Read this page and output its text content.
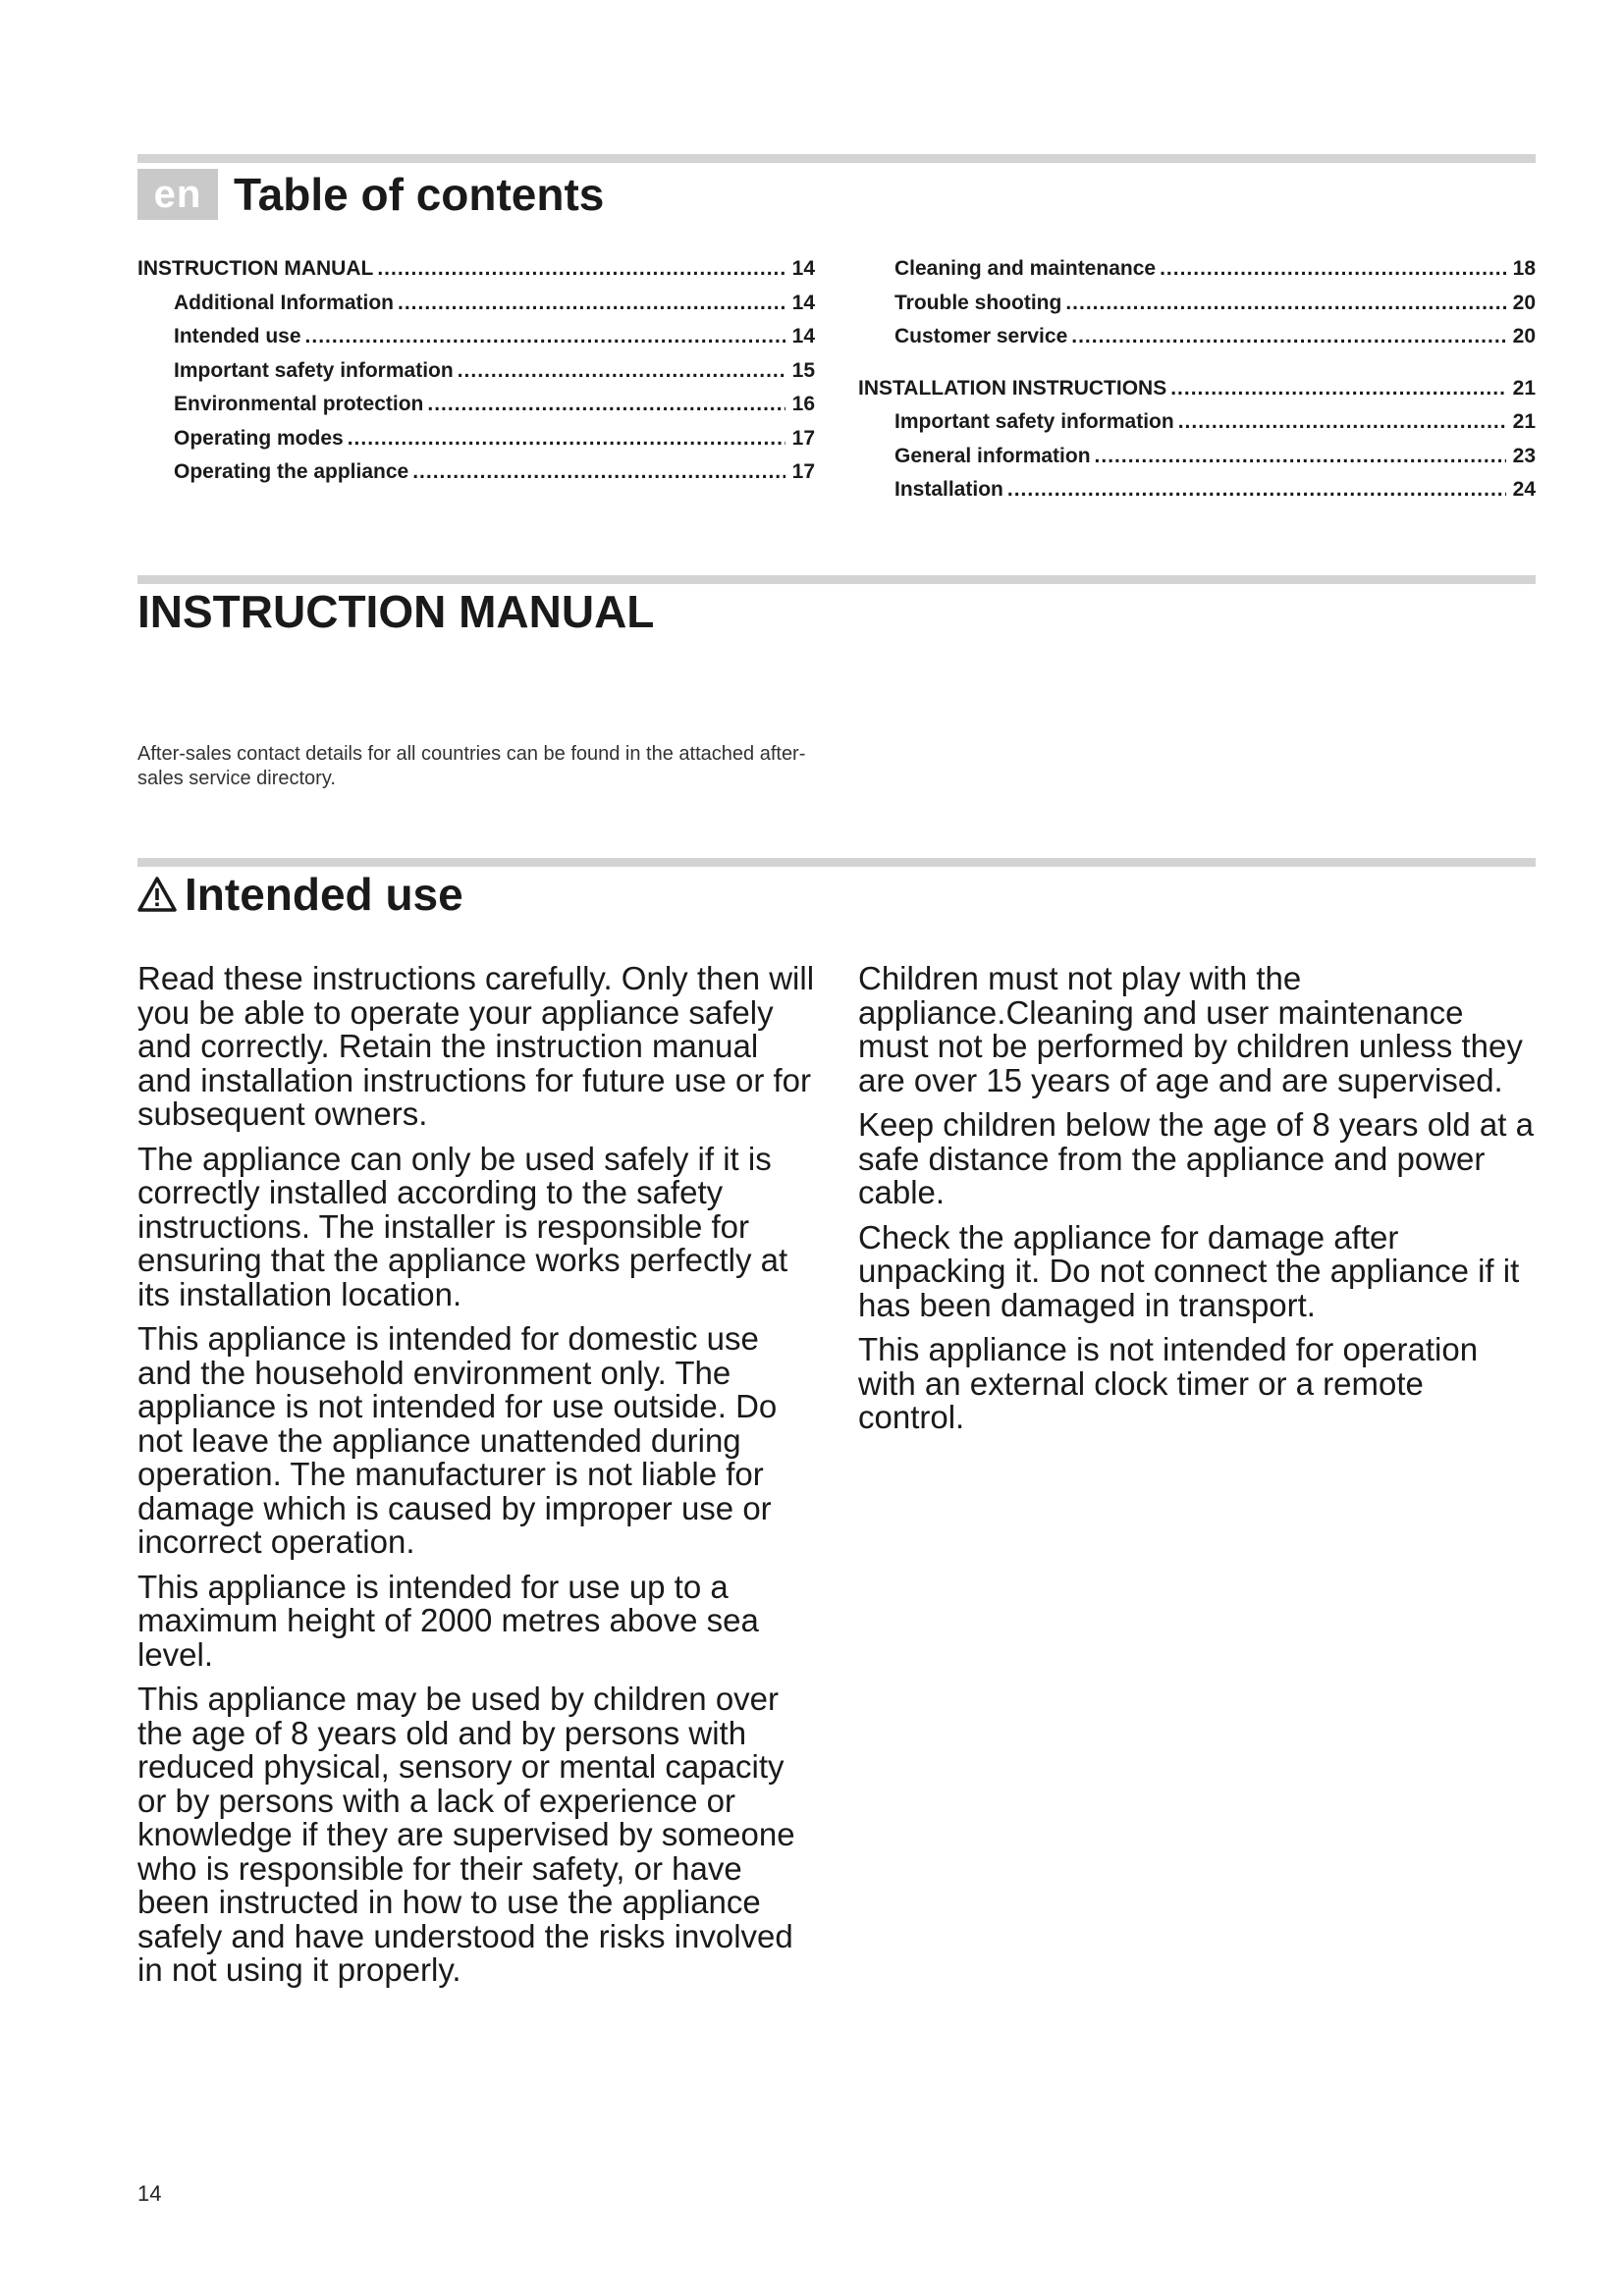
en Table of contents
INSTRUCTION MANUAL .....	14
Additional Information .....	14
Intended use .....	14
Important safety information .....	15
Environmental protection .....	16
Operating modes .....	17
Operating the appliance .....	17
Cleaning and maintenance .....	18
Trouble shooting .....	20
Customer service .....	20
INSTALLATION INSTRUCTIONS .....	21
Important safety information .....	21
General information .....	23
Installation .....	24
INSTRUCTION MANUAL
After-sales contact details for all countries can be found in the attached after-sales service directory.
Intended use

Read these instructions carefully. Only then will you be able to operate your appliance safely and correctly. Retain the instruction manual and installation instructions for future use or for subsequent owners.

The appliance can only be used safely if it is correctly installed according to the safety instructions. The installer is responsible for ensuring that the appliance works perfectly at its installation location.

This appliance is intended for domestic use and the household environment only. The appliance is not intended for use outside. Do not leave the appliance unattended during operation. The manufacturer is not liable for damage which is caused by improper use or incorrect operation.

This appliance is intended for use up to a maximum height of 2000 metres above sea level.

This appliance may be used by children over the age of 8 years old and by persons with reduced physical, sensory or mental capacity or by persons with a lack of experience or knowledge if they are supervised by someone who is responsible for their safety, or have been instructed in how to use the appliance safely and have understood the risks involved in not using it properly.

Children must not play with the appliance.Cleaning and user maintenance must not be performed by children unless they are over 15 years of age and are supervised.

Keep children below the age of 8 years old at a safe distance from the appliance and power cable.

Check the appliance for damage after unpacking it. Do not connect the appliance if it has been damaged in transport.

This appliance is not intended for operation with an external clock timer or a remote control.

14
